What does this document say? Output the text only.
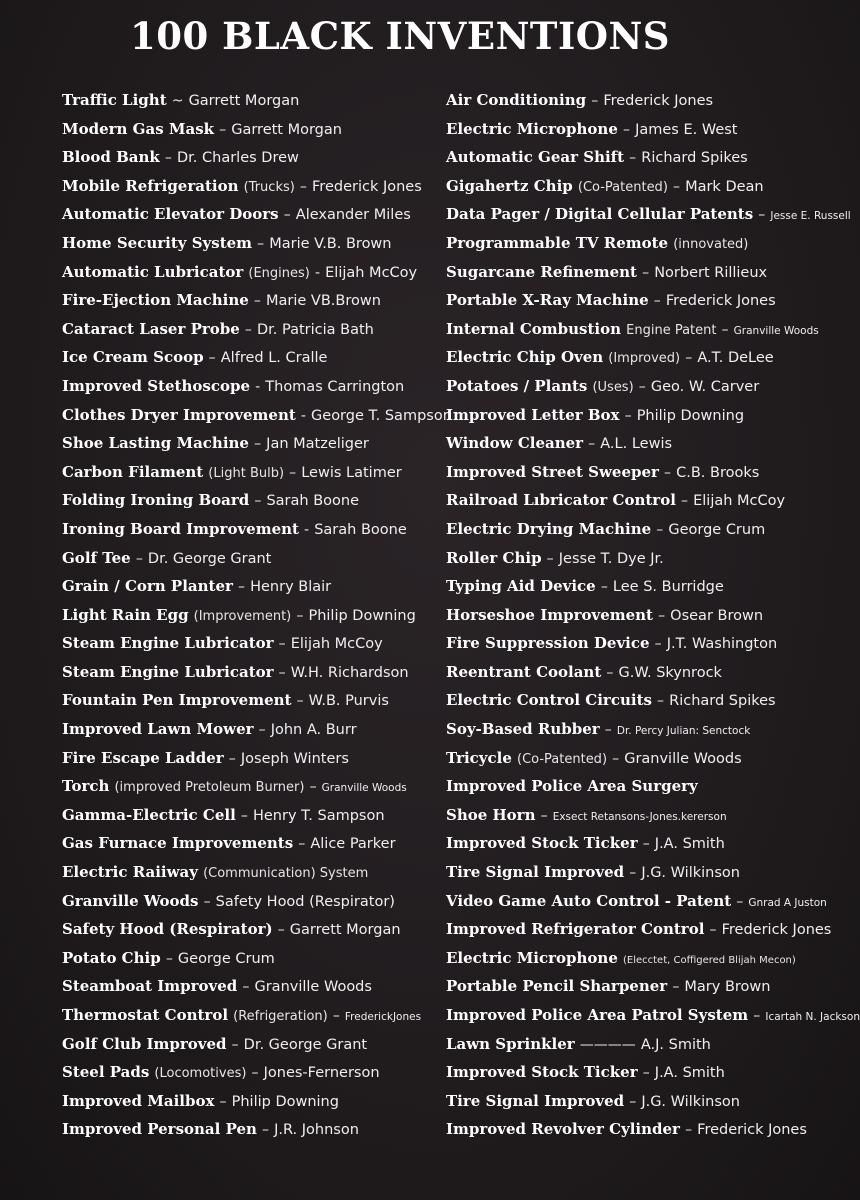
100 BLACK INVENTIONS
Traffic Light ~ Garrett Morgan
Modern Gas Mask – Garrett Morgan
Blood Bank – Dr. Charles Drew
Mobile Refrigeration (Trucks) – Frederick Jones
Automatic Elevator Doors – Alexander Miles
Home Security System – Marie V.B. Brown
Automatic Lubricator (Engines) - Elijah McCoy
Fire-Ejection Machine – Marie VB.Brown
Cataract Laser Probe – Dr. Patricia Bath
Ice Cream Scoop – Alfred L. Cralle
Improved Stethoscope - Thomas Carrington
Clothes Dryer Improvement - George T. Sampson
Shoe Lasting Machine – Jan Matzeliger
Carbon Filament (Light Bulb) – Lewis Latimer
Folding Ironing Board – Sarah Boone
Ironing Board Improvement - Sarah Boone
Golf Tee – Dr. George Grant
Grain / Corn Planter – Henry Blair
Light Rain Egg (Improvement) – Philip Downing
Steam Engine Lubricator – Elijah McCoy
Steam Engine Lubricator – W.H. Richardson
Fountain Pen Improvement – W.B. Purvis
Improved Lawn Mower – John A. Burr
Fire Escape Ladder – Joseph Winters
Torch (improved Pretoleum Burner) – Granville Woods
Gamma-Electric Cell – Henry T. Sampson
Gas Furnace Improvements – Alice Parker
Electric Raiiway (Communication) System
Granville Woods – Safety Hood (Respirator)
Safety Hood (Respirator) – Garrett Morgan
Potato Chip – George Crum
Steamboat Improved – Granville Woods
Thermostat Control (Refrigeration) – FrederickJones
Golf Club Improved – Dr. George Grant
Steel Pads (Locomotives) – Jones-Fernerson
Improved Mailbox – Philip Downing
Improved Personal Pen – J.R. Johnson
Air Conditioning – Frederick Jones
Electric Microphone – James E. West
Automatic Gear Shift – Richard Spikes
Gigahertz Chip (Co-Patented) – Mark Dean
Data Pager / Digital Cellular Patents – Jesse E. Russell
Programmable TV Remote (innovated)
Sugarcane Refinement – Norbert Rillieux
Portable X-Ray Machine – Frederick Jones
Internal Combustion Engine Patent – Granville Woods
Electric Chip Oven (Improved) – A.T. DeLee
Potatoes / Plants (Uses) – Geo. W. Carver
Improved Letter Box – Philip Downing
Window Cleaner – A.L. Lewis
Improved Street Sweeper – C.B. Brooks
Railroad Lıbricator Control – Elijah McCoy
Electric Drying Machine – George Crum
Roller Chip – Jesse T. Dye Jr.
Typing Aid Device – Lee S. Burridge
Horseshoe Improvement – Osear Brown
Fire Suppression Device – J.T. Washington
Reentrant Coolant – G.W. Skynrock
Electric Control Circuits – Richard Spikes
Soy-Based Rubber – Dr. Percy Julian: Senctock
Tricycle (Co-Patented) – Granville Woods
Improved Police Area Surgery
Shoe Horn – Exsect Retansons-Jones.kererson
Improved Stock Ticker – J.A. Smith
Tire Signal Improved – J.G. Wilkinson
Video Game Auto Control - Patent – Gnrad A Juston
Improved Refrigerator Control – Frederick Jones
Electric Microphone (Elecctet, Coffigered Blijah Mecon)
Portable Pencil Sharpener – Mary Brown
Improved Police Area Patrol System – Icartah N. Jackson
Lawn Sprinkler ———— A.J. Smith
Improved Stock Ticker – J.A. Smith
Tire Signal Improved – J.G. Wilkinson
Improved Revolver Cylinder – Frederick Jones
